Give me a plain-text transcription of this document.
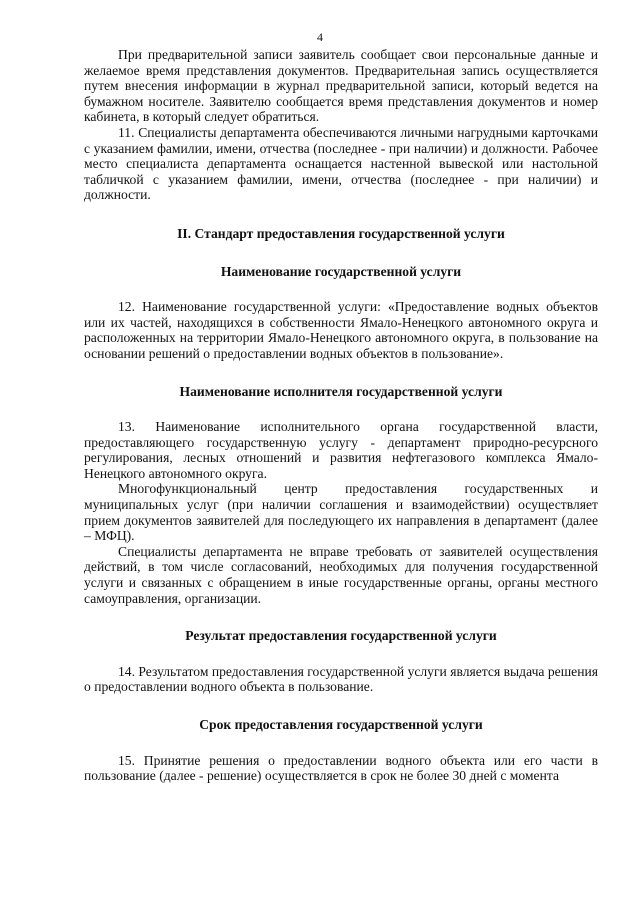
4

При предварительной записи заявитель сообщает свои персональные данные и желаемое время представления документов. Предварительная запись осуществляется путем внесения информации в журнал предварительной записи, который ведется на бумажном носителе. Заявителю сообщается время представления документов и номер кабинета, в который следует обратиться.

11. Специалисты департамента обеспечиваются личными нагрудными карточками с указанием фамилии, имени, отчества (последнее - при наличии) и должности. Рабочее место специалиста департамента оснащается настенной вывеской или настольной табличкой с указанием фамилии, имени, отчества (последнее - при наличии) и должности.

II. Стандарт предоставления государственной услуги
Наименование государственной услуги

12. Наименование государственной услуги: «Предоставление водных объектов или их частей, находящихся в собственности Ямало-Ненецкого автономного округа и расположенных на территории Ямало-Ненецкого автономного округа, в пользование на основании решений о предоставлении водных объектов в пользование».

Наименование исполнителя государственной услуги

13. Наименование исполнительного органа государственной власти, предоставляющего государственную услугу - департамент природно-ресурсного регулирования, лесных отношений и развития нефтегазового комплекса Ямало-Ненецкого автономного округа.

Многофункциональный центр предоставления государственных и муниципальных услуг (при наличии соглашения и взаимодействии) осуществляет прием документов заявителей для последующего их направления в департамент (далее – МФЦ).

Специалисты департамента не вправе требовать от заявителей осуществления действий, в том числе согласований, необходимых для получения государственной услуги и связанных с обращением в иные государственные органы, органы местного самоуправления, организации.

Результат предоставления государственной услуги

14. Результатом предоставления государственной услуги является выдача решения о предоставлении водного объекта в пользование.

Срок предоставления государственной услуги

15. Принятие решения о предоставлении водного объекта или его части в пользование (далее - решение) осуществляется в срок не более 30 дней с момента
